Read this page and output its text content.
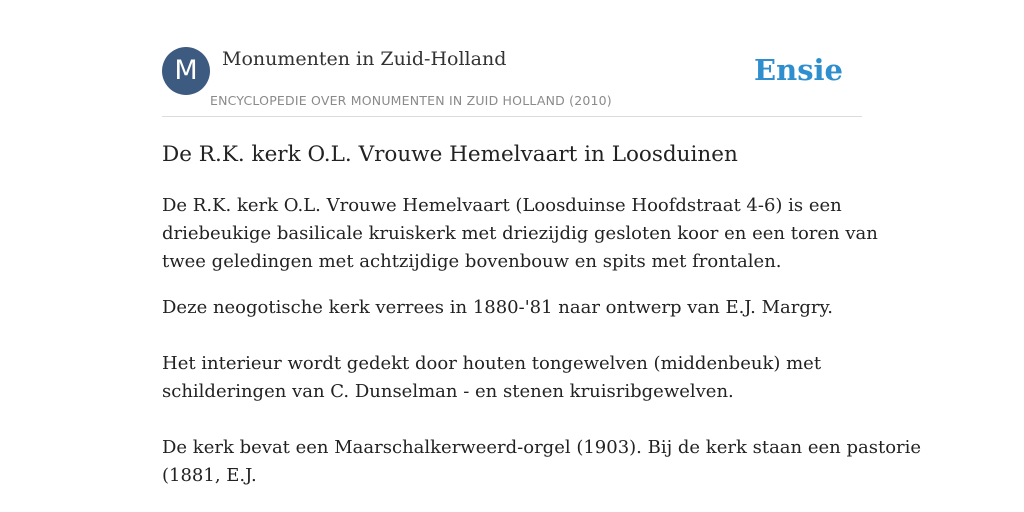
M	Monumenten in Zuid-Holland
ENCYCLOPEDIE OVER MONUMENTEN IN ZUID HOLLAND (2010)
Ensie
De R.K. kerk O.L. Vrouwe Hemelvaart in Loosduinen

De R.K. kerk O.L. Vrouwe Hemelvaart (Loosduinse Hoofdstraat 4-6) is een

driebeukige basilicale kruiskerk met driezijdig gesloten koor en een toren van

twee geledingen met achtzijdige bovenbouw en spits met frontalen.

Deze neogotische kerk verrees in 1880-'81 naar ontwerp van E.J. Margry.

Het interieur wordt gedekt door houten tongewelven (middenbeuk) met

schilderingen van C. Dunselman - en stenen kruisribgewelven.

De kerk bevat een Maarschalkerweerd-orgel (1903). Bij de kerk staan een pastorie

(1881, E.J.
